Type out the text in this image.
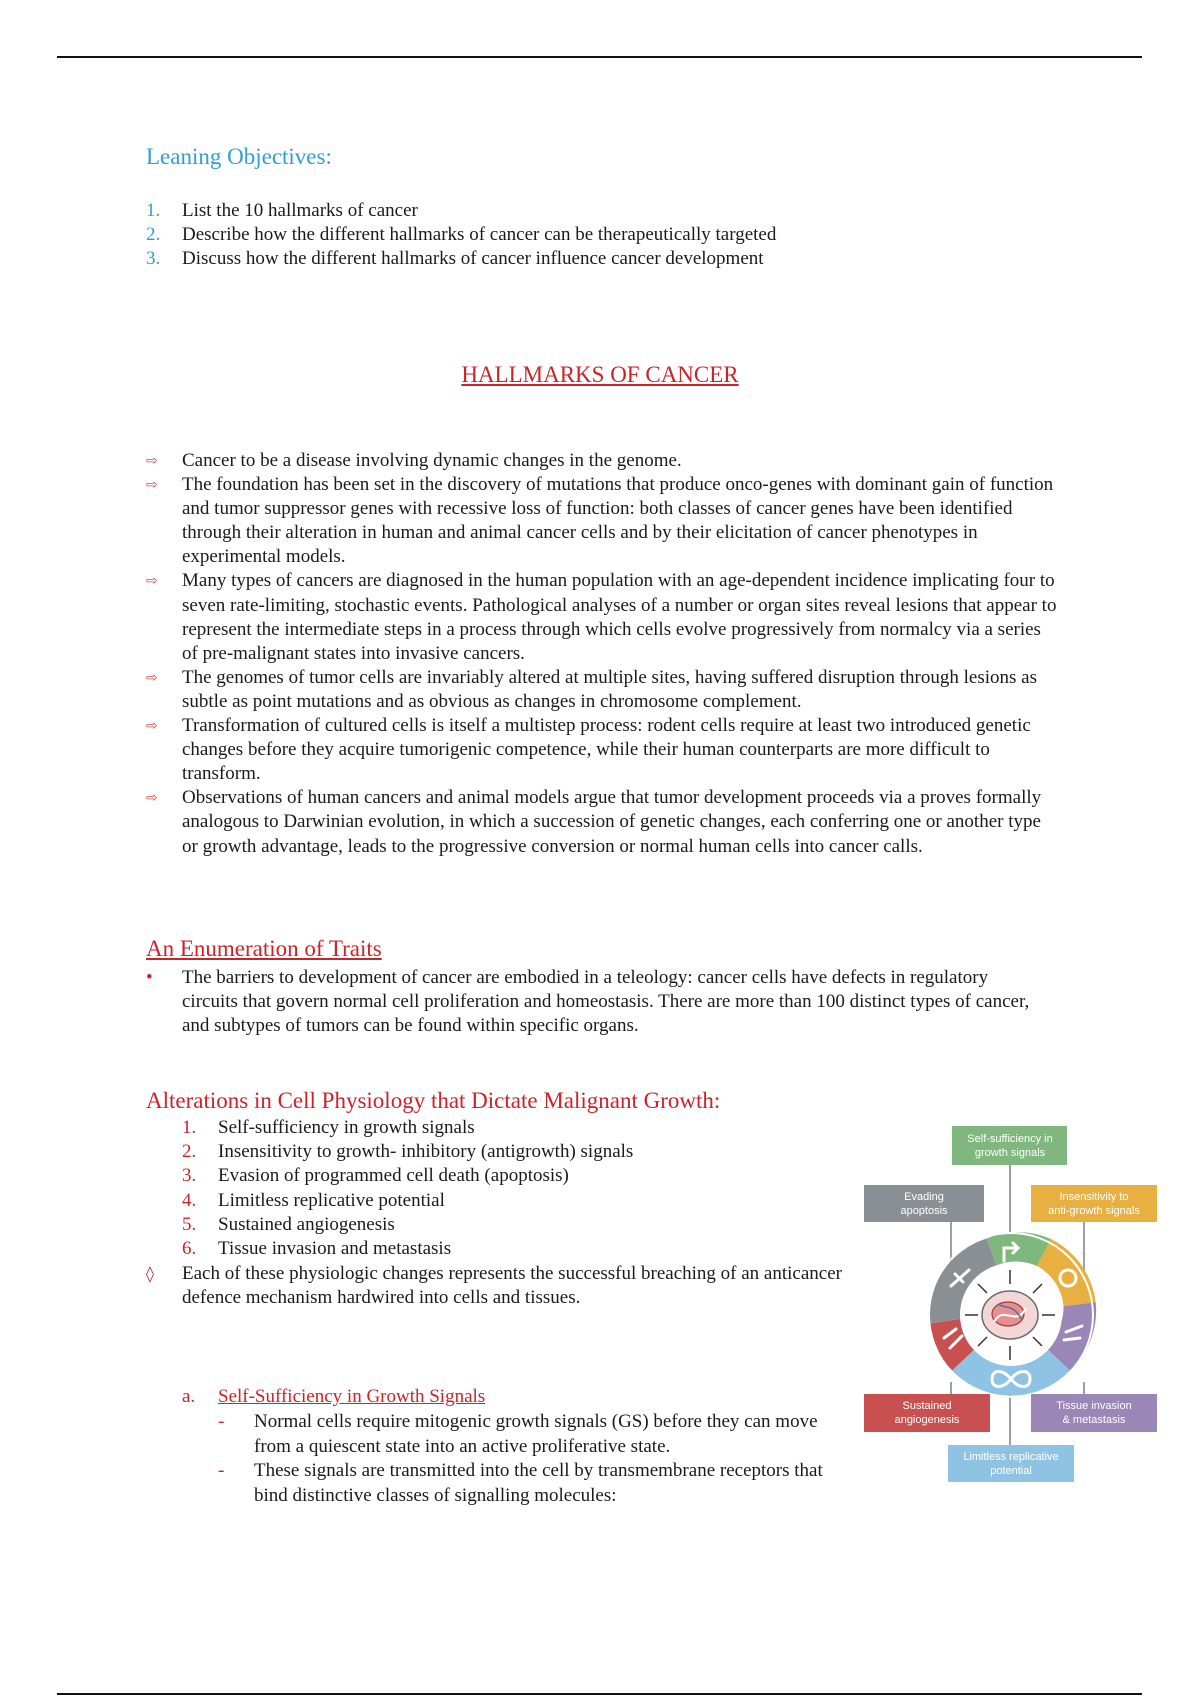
Leaning Objectives:
1.	List the 10 hallmarks of cancer
2.	Describe how the different hallmarks of cancer can be therapeutically targeted
3.	Discuss how the different hallmarks of cancer influence cancer development
HALLMARKS OF CANCER
⇨	Cancer to be a disease involving dynamic changes in the genome.
⇨	The foundation has been set in the discovery of mutations that produce onco-genes with dominant gain of function and tumor suppressor genes with recessive loss of function: both classes of cancer genes have been identified through their alteration in human and animal cancer cells and by their elicitation of cancer phenotypes in experimental models.
⇨	Many types of cancers are diagnosed in the human population with an age-dependent incidence implicating four to seven rate-limiting, stochastic events. Pathological analyses of a number or organ sites reveal lesions that appear to represent the intermediate steps in a process through which cells evolve progressively from normalcy via a series of pre-malignant states into invasive cancers.
⇨	The genomes of tumor cells are invariably altered at multiple sites, having suffered disruption through lesions as subtle as point mutations and as obvious as changes in chromosome complement.
⇨	Transformation of cultured cells is itself a multistep process: rodent cells require at least two introduced genetic changes before they acquire tumorigenic competence, while their human counterparts are more difficult to transform.
⇨	Observations of human cancers and animal models argue that tumor development proceeds via a proves formally analogous to Darwinian evolution, in which a succession of genetic changes, each conferring one or another type or growth advantage, leads to the progressive conversion or normal human cells into cancer calls.
An Enumeration of Traits
•	The barriers to development of cancer are embodied in a teleology: cancer cells have defects in regulatory circuits that govern normal cell proliferation and homeostasis. There are more than 100 distinct types of cancer, and subtypes of tumors can be found within specific organs.
Alterations in Cell Physiology that Dictate Malignant Growth:
1.	Self-sufficiency in growth signals
2.	Insensitivity to growth- inhibitory (antigrowth) signals
3.	Evasion of programmed cell death (apoptosis)
4.	Limitless replicative potential
5.	Sustained angiogenesis
6.	Tissue invasion and metastasis
◊	Each of these physiologic changes represents the successful breaching of an anticancer defence mechanism hardwired into cells and tissues.
a.	Self-Sufficiency in Growth Signals
-	Normal cells require mitogenic growth signals (GS) before they can move from a quiescent state into an active proliferative state.
-	These signals are transmitted into the cell by transmembrane receptors that bind distinctive classes of signalling molecules:
Self-sufficiency in
growth signals
Evading
apoptosis
Insensitivity to
anti-growth signals
Sustained
angiogenesis
Tissue invasion
& metastasis
Limitless replicative
potential
